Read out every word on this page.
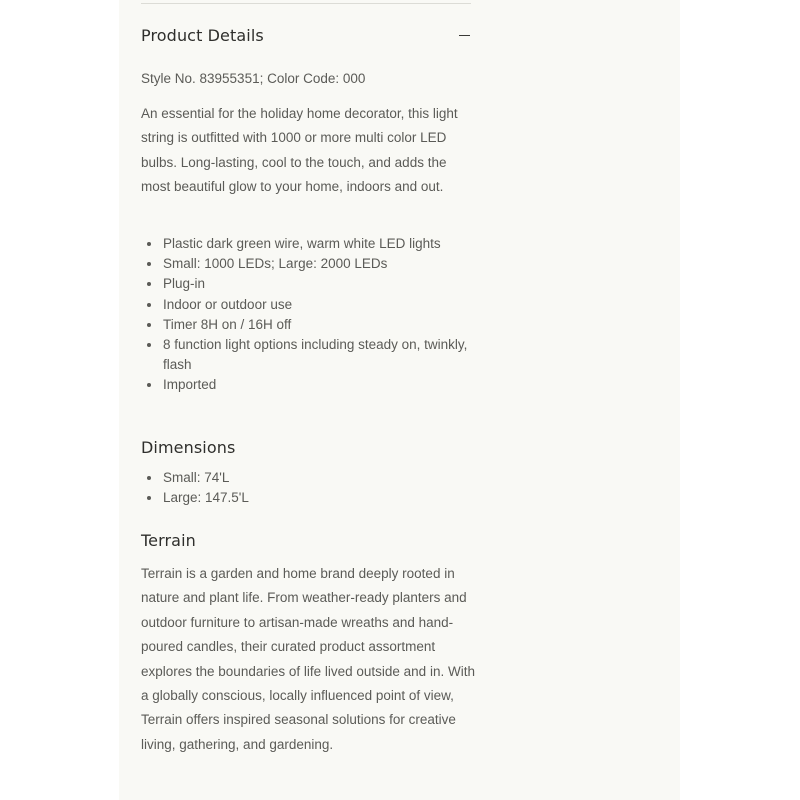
Product Details
Style No. 83955351; Color Code: 000

An essential for the holiday home decorator, this light string is outfitted with 1000 or more multi color LED bulbs. Long-lasting, cool to the touch, and adds the most beautiful glow to your home, indoors and out.

Plastic dark green wire, warm white LED lights
Small: 1000 LEDs; Large: 2000 LEDs
Plug-in
Indoor or outdoor use
Timer 8H on / 16H off
8 function light options including steady on, twinkly, flash
Imported
Dimensions
Small: 74'L
Large: 147.5'L
Terrain

Terrain is a garden and home brand deeply rooted in nature and plant life. From weather-ready planters and outdoor furniture to artisan-made wreaths and hand-poured candles, their curated product assortment explores the boundaries of life lived outside and in. With a globally conscious, locally influenced point of view, Terrain offers inspired seasonal solutions for creative living, gathering, and gardening.
